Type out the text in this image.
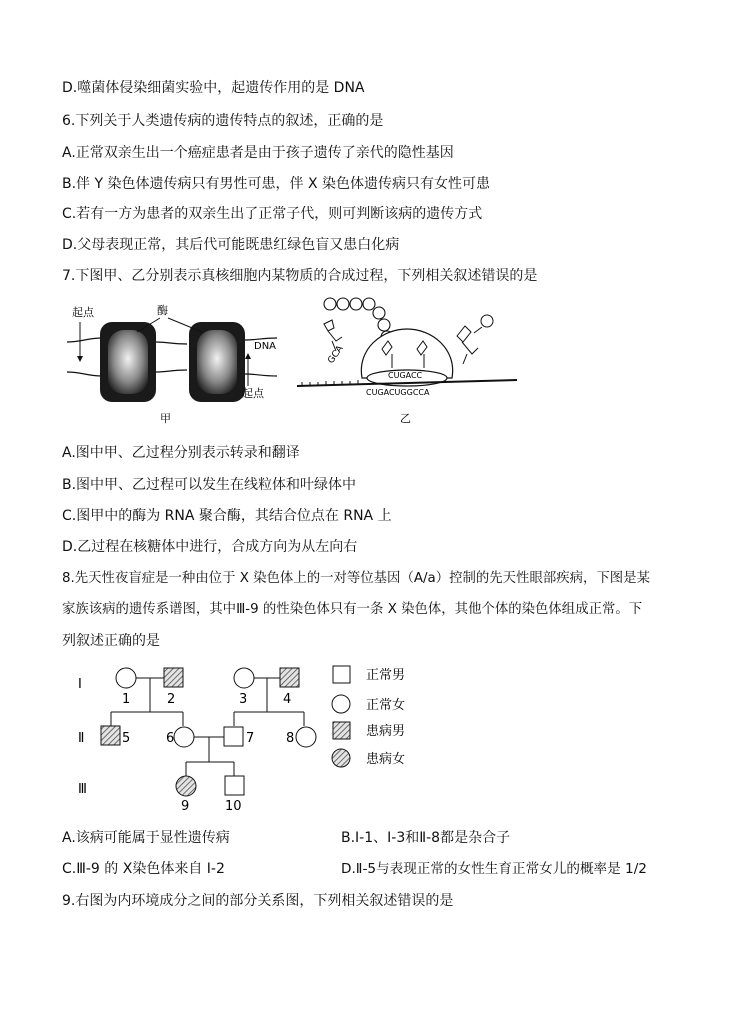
D.噬菌体侵染细菌实验中，起遗传作用的是 DNA
6.下列关于人类遗传病的遗传特点的叙述，正确的是
A.正常双亲生出一个癌症患者是由于孩子遗传了亲代的隐性基因
B.伴 Y 染色体遗传病只有男性可患，伴 X 染色体遗传病只有女性可患
C.若有一方为患者的双亲生出了正常子代，则可判断该病的遗传方式
D.父母表现正常，其后代可能既患红绿色盲又患白化病
7.下图甲、乙分别表示真核细胞内某物质的合成过程，下列相关叙述错误的是
起点	酶
DNA
起点
甲
GCA
CUGACC
CUGACUGGCCA
乙
A.图中甲、乙过程分别表示转录和翻译
B.图中甲、乙过程可以发生在线粒体和叶绿体中
C.图甲中的酶为 RNA 聚合酶，其结合位点在 RNA 上
D.乙过程在核糖体中进行，合成方向为从左向右
8.先天性夜盲症是一种由位于 X 染色体上的一对等位基因（A/a）控制的先天性眼部疾病，下图是某
家族该病的遗传系谱图，其中Ⅲ-9 的性染色体只有一条 X 染色体，其他个体的染色体组成正常。下
列叙述正确的是
Ⅰ
Ⅱ
Ⅲ
1	2	3	4
5	6	7 8
9	10
正常男
正常女
患病男
患病女
A.该病可能属于显性遗传病	B.Ⅰ-1、Ⅰ-3和Ⅱ-8都是杂合子
C.Ⅲ-9 的 X染色体来自 Ⅰ-2	D.Ⅱ-5与表现正常的女性生育正常女儿的概率是 1/2
9.右图为内环境成分之间的部分关系图，下列相关叙述错误的是
